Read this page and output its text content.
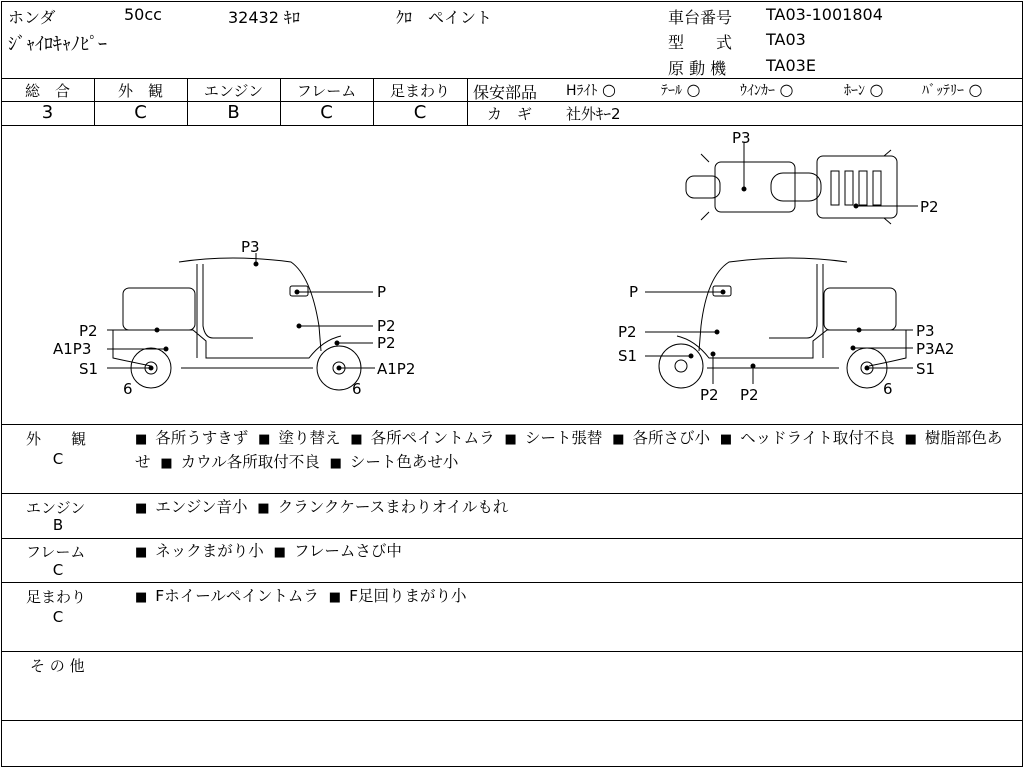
ホンダ	50cc	32432 ｷﾛ	ｸﾛ　ペイント
ｼﾞｬｲﾛｷｬﾉﾋﾟｰ
車台番号 TA03-1001804
型　　式 TA03
原 動 機 TA03E
総　合	外　観	エンジン	フレーム	足まわり
3	C	B	C	C
保安部品 Hﾗｲﾄ ○	ﾃｰﾙ ○	ｳｲﾝｶｰ ○	ﾎｰﾝ ○	ﾊﾞｯﾃﾘｰ ○
カ　ギ 社外ｷｰ2
P3
P2
P3
P
P2
P2
P2
A1P3
S1
6
A1P2
6
P
P2
S1
P3
P3A2
S1
6
P2 P2
外　　観
C
■ 各所うすきず ■ 塗り替え ■ 各所ペイントムラ ■ シート張替 ■ 各所さび小 ■ ヘッドライト取付不良 ■ 樹脂部色あせ ■ カウル各所取付不良 ■ シート色あせ小
エンジン
B
■ エンジン音小 ■ クランクケースまわりオイルもれ
フレーム
C
■ ネックまがり小 ■ フレームさび中
足まわり
C
■ Fホイールペイントムラ ■ F足回りまがり小
そ の 他
